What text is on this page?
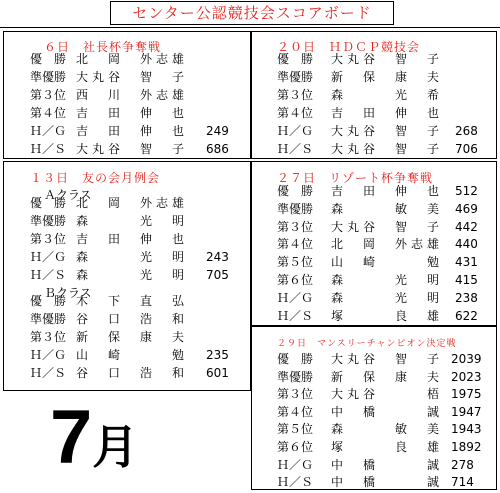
センター公認競技会スコアボード
６日　社長杯争奪戦	２０日　ＨＤＣＰ競技会
１３日　友の会月例会
Ａクラス
Ｂクラス
２７日　リゾート杯争奪戦
２９日　マンスリーチャンピオン決定戦
優　勝 北　岡　外志雄
準優勝 大丸谷　智　子
第３位 西　川　外志雄
第４位 吉　田　伸　也
Ｈ／Ｇ 吉　田　伸　也 249
Ｈ／Ｓ 大丸谷　智　子 686
優　勝 大丸谷　智　子
準優勝 新　保　康　夫
第３位 森　　　光　希
第４位 吉　田　伸　也
Ｈ／Ｇ 大丸谷　智　子 268
Ｈ／Ｓ 大丸谷　智　子 706
優　勝 北　岡　外志雄
準優勝 森　　　光　明
第３位 吉　田　伸　也
Ｈ／Ｇ 森　　　光　明 243
Ｈ／Ｓ 森　　　光　明 705
優　勝 木　下　直　弘
準優勝 谷　口　浩　和
第３位 新　保　康　夫
Ｈ／Ｇ 山　崎　　　勉 235
Ｈ／Ｓ 谷　口　浩　和 601
優　勝 吉　田　伸　也 512
準優勝 森　　　敏　美 469
第３位 大丸谷　智　子 442
第４位 北　岡　外志雄 440
第５位 山　崎　　　勉 431
第６位 森　　　光　明 415
Ｈ／Ｇ 森　　　光　明 238
Ｈ／Ｓ 塚　　　良　雄 622
優　勝 大丸谷　智　子 2039
準優勝 新　保　康　夫 2023
第３位 大丸谷　　　梧 1975
第４位 中　橋　　　誠 1947
第５位 森　　　敏　美 1943
第６位 塚　　　良　雄 1892
Ｈ／Ｇ 中　橋　　　誠 278
Ｈ／Ｓ 中　橋　　　誠 714
7月
